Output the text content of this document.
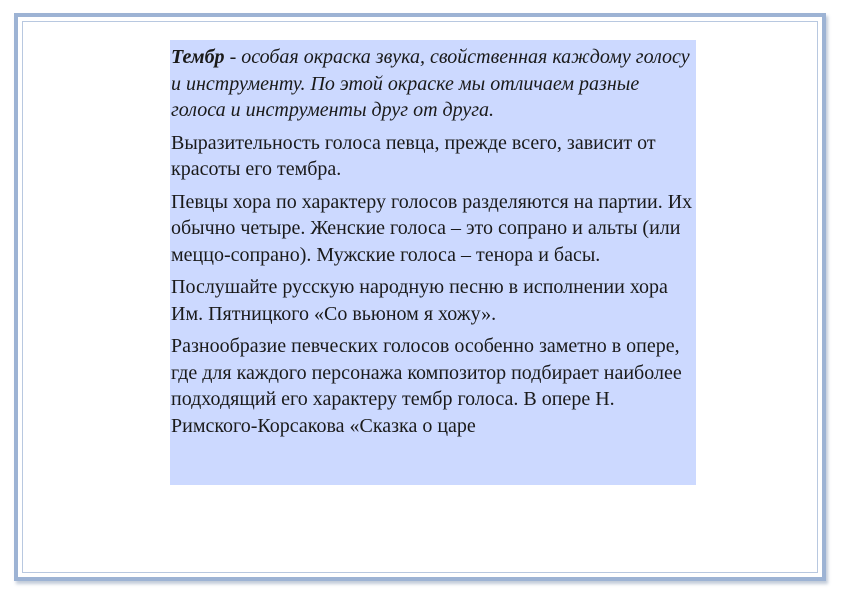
Тембр - особая окраска звука, свойственная каждому голосу и инструменту. По этой окраске мы отличаем разные голоса и инструменты друг от друга.

Выразительность голоса певца, прежде всего, зависит от красоты его тембра.

Певцы хора по характеру голосов разделяются на партии. Их обычно четыре. Женские голоса – это сопрано и альты (или меццо-сопрано). Мужские голоса – тенора и басы.

Послушайте русскую народную песню в исполнении хора Им. Пятницкого «Со вьюном я хожу».

Разнообразие певческих голосов особенно заметно в опере, где для каждого персонажа композитор подбирает наиболее подходящий его характеру тембр голоса. В опере Н. Римского-Корсакова «Сказка о царе
